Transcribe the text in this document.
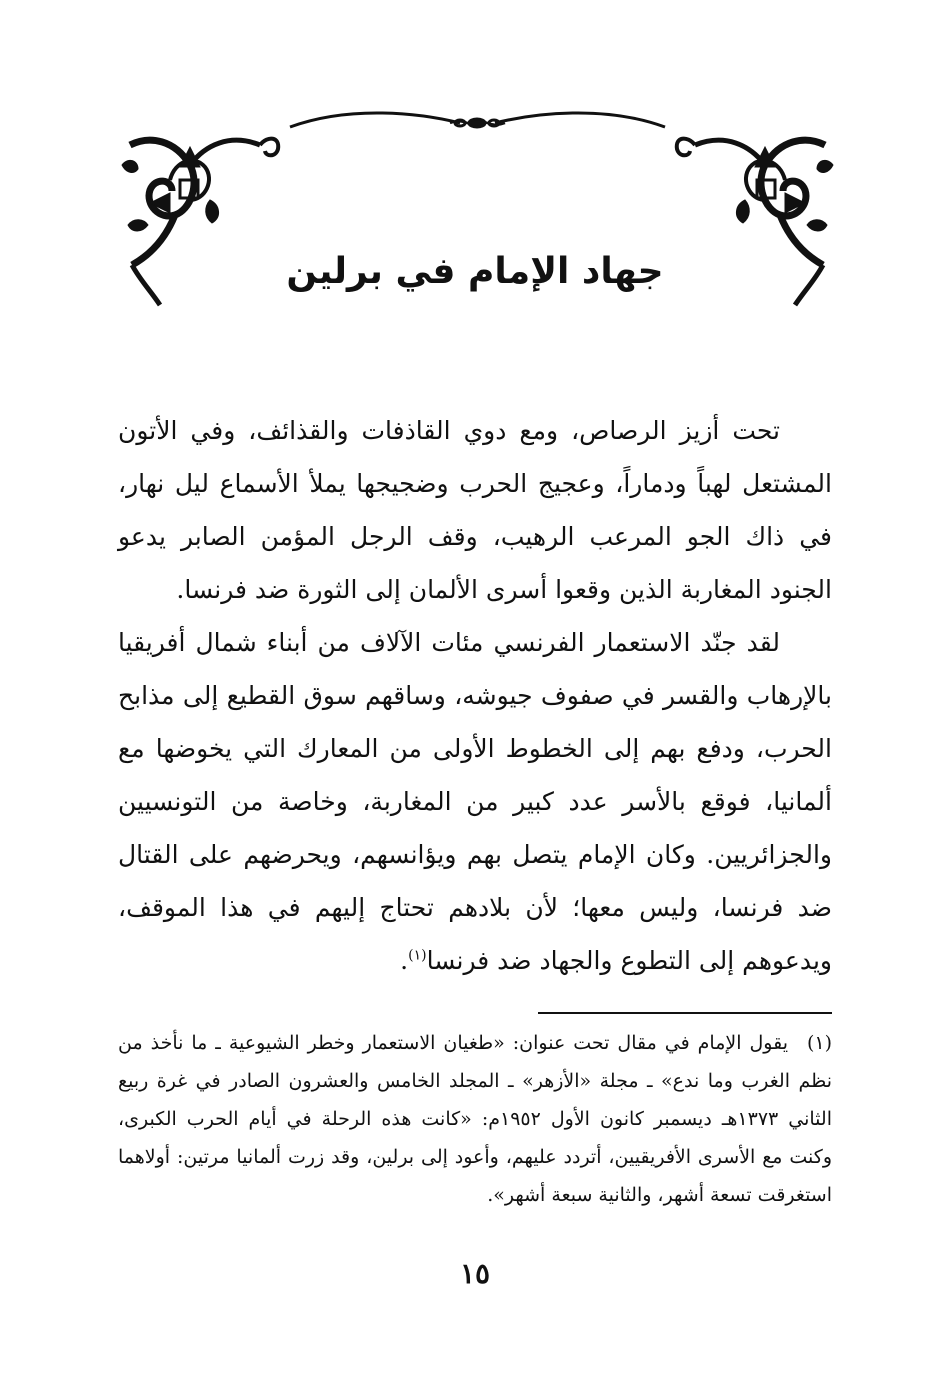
جهاد الإمام في برلين

تحت أزيز الرصاص، ومع دوي القاذفات والقذائف، وفي الأتون المشتعل لهباً ودماراً، وعجيج الحرب وضجيجها يملأ الأسماع ليل نهار، في ذاك الجو المرعب الرهيب، وقف الرجل المؤمن الصابر يدعو الجنود المغاربة الذين وقعوا أسرى الألمان إلى الثورة ضد فرنسا.

لقد جنّد الاستعمار الفرنسي مئات الآلاف من أبناء شمال أفريقيا بالإرهاب والقسر في صفوف جيوشه، وساقهم سوق القطيع إلى مذابح الحرب، ودفع بهم إلى الخطوط الأولى من المعارك التي يخوضها مع ألمانيا، فوقع بالأسر عدد كبير من المغاربة، وخاصة من التونسيين والجزائريين. وكان الإمام يتصل بهم ويؤانسهم، ويحرضهم على القتال ضد فرنسا، وليس معها؛ لأن بلادهم تحتاج إليهم في هذا الموقف، ويدعوهم إلى التطوع والجهاد ضد فرنسا$^{(١)}$.

(١)يقول الإمام في مقال تحت عنوان: «طغيان الاستعمار وخطر الشيوعية ـ ما نأخذ من نظم الغرب وما ندع» ـ مجلة «الأزهر» ـ المجلد الخامس والعشرون الصادر في غرة ربيع الثاني ١٣٧٣هـ ديسمبر كانون الأول ١٩٥٢م: «كانت هذه الرحلة في أيام الحرب الكبرى، وكنت مع الأسرى الأفريقيين، أتردد عليهم، وأعود إلى برلين، وقد زرت ألمانيا مرتين: أولاهما استغرقت تسعة أشهر، والثانية سبعة أشهر».
١٥
